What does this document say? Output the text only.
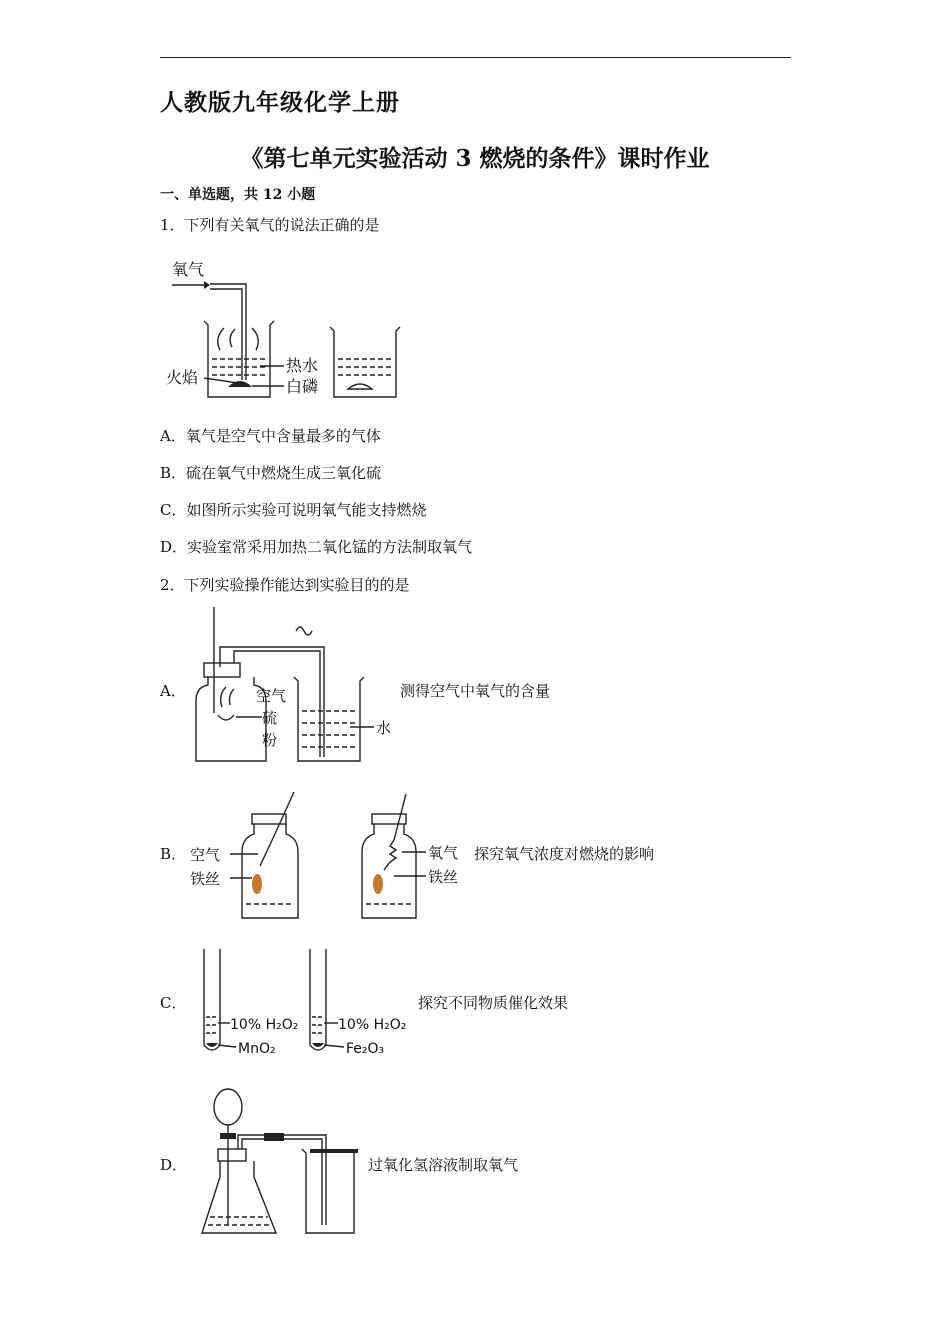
人教版九年级化学上册
《第七单元实验活动 3 燃烧的条件》课时作业
一、单选题，共 12 小题
1．下列有关氧气的说法正确的是
氧气
热水
火焰	白磷
A．氧气是空气中含量最多的气体
B．硫在氧气中燃烧生成三氧化硫
C．如图所示实验可说明氧气能支持燃烧
D．实验室常采用加热二氧化锰的方法制取氧气
2．下列实验操作能达到实验目的的是
A．	空气
硫
粉
水
测得空气中氧气的含量
B． 空气
铁丝
氧气
铁丝
探究氧气浓度对燃烧的影响
C．
10% H₂O₂
MnO₂
10% H₂O₂
Fe₂O₃
探究不同物质催化效果
D．	过氧化氢溶液制取氧气
